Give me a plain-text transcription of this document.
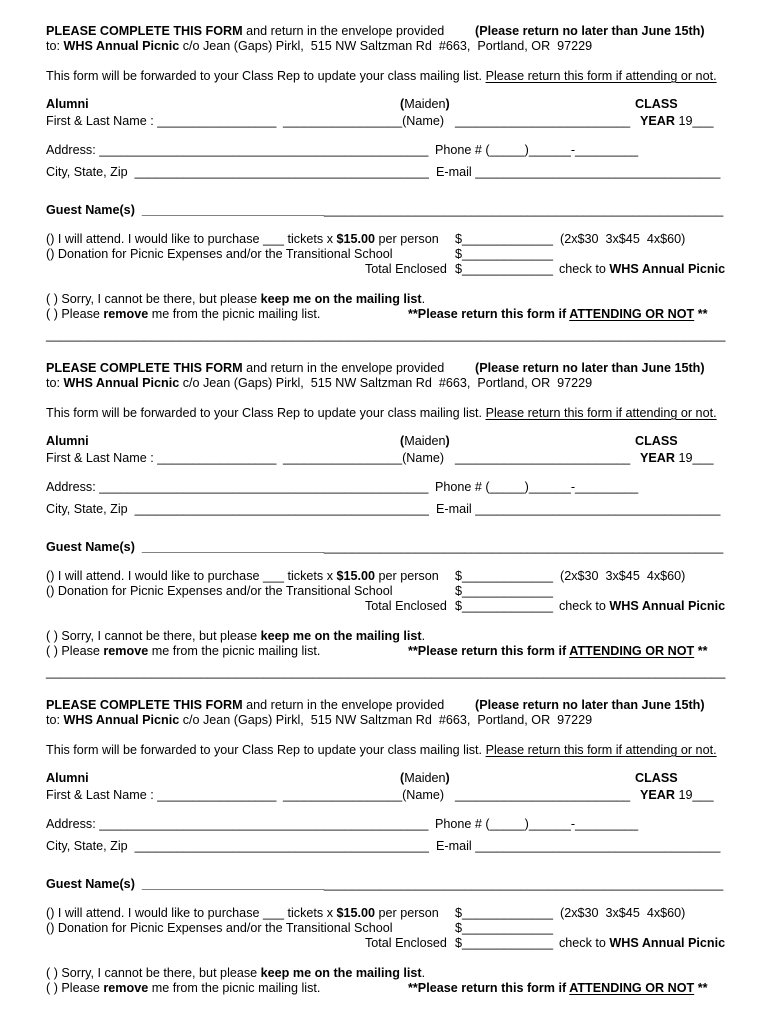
PLEASE COMPLETE THIS FORM and return in the envelope provided (Please return no later than June 15th)
to: WHS Annual Picnic c/o Jean (Gaps) Pirkl,  515 NW Saltzman Rd  #663,  Portland, OR  97229
This form will be forwarded to your Class Rep to update your class mailing list. Please return this form if attending or not.
Alumni	(Maiden)	CLASS
First & Last Name : _________________ _________________(Name) _________________________ YEAR 19___
Address: _______________________________________________ Phone # (_____)______-_________
City, State, Zip  __________________________________________ E-mail ___________________________________
Guest Name(s)  ___________________________________________________________________________________
() I will attend. I would like to purchase ___ tickets x $15.00 per person $_____________ (2x$30  3x$45  4x$60)
() Donation for Picnic Expenses and/or the Transitional School	$_____________
Total Enclosed $_____________ check to WHS Annual Picnic
( ) Sorry, I cannot be there, but please keep me on the mailing list.
( ) Please remove me from the picnic mailing list.	**Please return this form if ATTENDING OR NOT **
_________________________________________________________________________________________________
PLEASE COMPLETE THIS FORM and return in the envelope provided (Please return no later than June 15th)
to: WHS Annual Picnic c/o Jean (Gaps) Pirkl,  515 NW Saltzman Rd  #663,  Portland, OR  97229
This form will be forwarded to your Class Rep to update your class mailing list. Please return this form if attending or not.
Alumni	(Maiden)	CLASS
First & Last Name : _________________ _________________(Name) _________________________ YEAR 19___
Address: _______________________________________________ Phone # (_____)______-_________
City, State, Zip  __________________________________________ E-mail ___________________________________
Guest Name(s)  ___________________________________________________________________________________
() I will attend. I would like to purchase ___ tickets x $15.00 per person $_____________ (2x$30  3x$45  4x$60)
() Donation for Picnic Expenses and/or the Transitional School	$_____________
Total Enclosed $_____________ check to WHS Annual Picnic
( ) Sorry, I cannot be there, but please keep me on the mailing list.
( ) Please remove me from the picnic mailing list.	**Please return this form if ATTENDING OR NOT **
_________________________________________________________________________________________________
PLEASE COMPLETE THIS FORM and return in the envelope provided (Please return no later than June 15th)
to: WHS Annual Picnic c/o Jean (Gaps) Pirkl,  515 NW Saltzman Rd  #663,  Portland, OR  97229
This form will be forwarded to your Class Rep to update your class mailing list. Please return this form if attending or not.
Alumni	(Maiden)	CLASS
First & Last Name : _________________ _________________(Name) _________________________ YEAR 19___
Address: _______________________________________________ Phone # (_____)______-_________
City, State, Zip  __________________________________________ E-mail ___________________________________
Guest Name(s)  ___________________________________________________________________________________
() I will attend. I would like to purchase ___ tickets x $15.00 per person $_____________ (2x$30  3x$45  4x$60)
() Donation for Picnic Expenses and/or the Transitional School	$_____________
Total Enclosed $_____________ check to WHS Annual Picnic
( ) Sorry, I cannot be there, but please keep me on the mailing list.
( ) Please remove me from the picnic mailing list.	**Please return this form if ATTENDING OR NOT **
